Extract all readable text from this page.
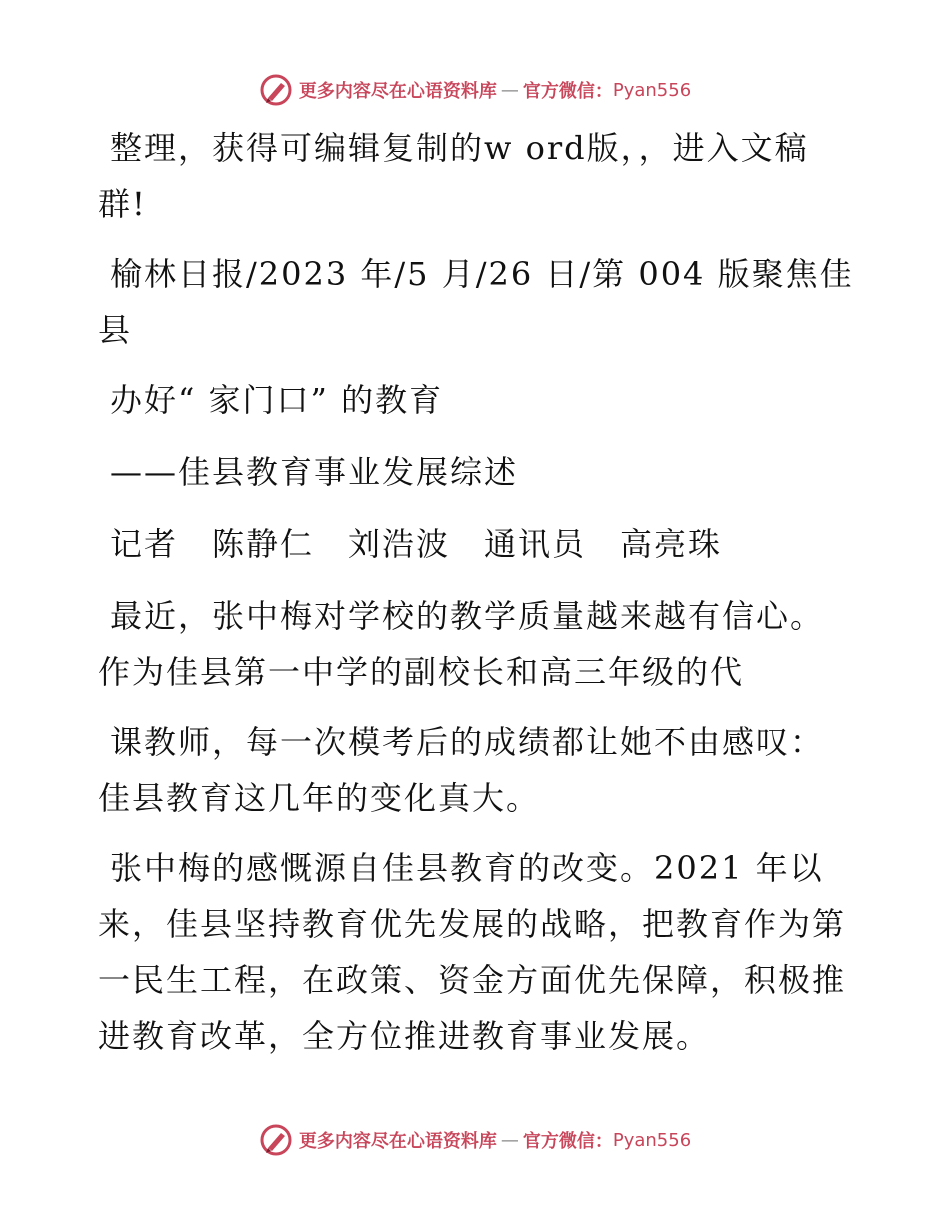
更多内容尽在心语资料库 — 官方微信： Pyan556
整理，获得可编辑复制的w ord版，，进入文稿
群!
榆林日报/2023 年/5 月/26 日/第 004 版聚焦佳
县
办好“ 家门口” 的教育
——佳县教育事业发展综述
记者　陈静仁　刘浩波　通讯员　高亮珠
最近，张中梅对学校的教学质量越来越有信心。
作为佳县第一中学的副校长和高三年级的代
课教师，每一次模考后的成绩都让她不由感叹：
佳县教育这几年的变化真大。
张中梅的感慨源自佳县教育的改变。2021 年以
来，佳县坚持教育优先发展的战略，把教育作为第
一民生工程，在政策、资金方面优先保障，积极推
进教育改革，全方位推进教育事业发展。
更多内容尽在心语资料库 — 官方微信： Pyan556
